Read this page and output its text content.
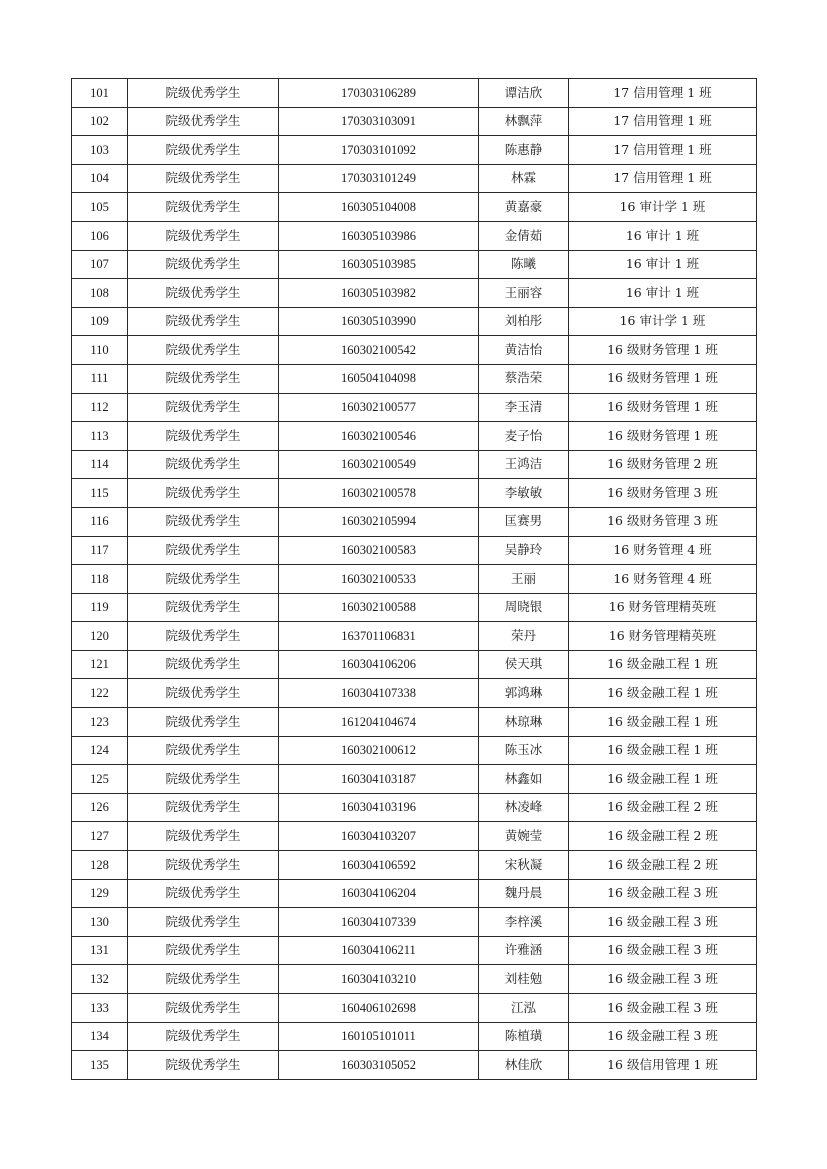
101	院级优秀学生	170303106289	谭洁欣	17 信用管理 1 班
102	院级优秀学生	170303103091	林飘萍	17 信用管理 1 班
103	院级优秀学生	170303101092	陈惠静	17 信用管理 1 班
104	院级优秀学生	170303101249	林霖	17 信用管理 1 班
105	院级优秀学生	160305104008	黄嘉豪	16 审计学 1 班
106	院级优秀学生	160305103986	金倩茹	16 审计 1 班
107	院级优秀学生	160305103985	陈曦	16 审计 1 班
108	院级优秀学生	160305103982	王丽容	16 审计 1 班
109	院级优秀学生	160305103990	刘柏彤	16 审计学 1 班
110	院级优秀学生	160302100542	黄洁怡	16 级财务管理 1 班
111	院级优秀学生	160504104098	蔡浩荣	16 级财务管理 1 班
112	院级优秀学生	160302100577	李玉清	16 级财务管理 1 班
113	院级优秀学生	160302100546	麦子怡	16 级财务管理 1 班
114	院级优秀学生	160302100549	王鸿洁	16 级财务管理 2 班
115	院级优秀学生	160302100578	李敏敏	16 级财务管理 3 班
116	院级优秀学生	160302105994	匡赛男	16 级财务管理 3 班
117	院级优秀学生	160302100583	吴静玲	16 财务管理 4 班
118	院级优秀学生	160302100533	王丽	16 财务管理 4 班
119	院级优秀学生	160302100588	周晓银	16 财务管理精英班
120	院级优秀学生	163701106831	荣丹	16 财务管理精英班
121	院级优秀学生	160304106206	侯天琪	16 级金融工程 1 班
122	院级优秀学生	160304107338	郭鸿琳	16 级金融工程 1 班
123	院级优秀学生	161204104674	林琼琳	16 级金融工程 1 班
124	院级优秀学生	160302100612	陈玉冰	16 级金融工程 1 班
125	院级优秀学生	160304103187	林鑫如	16 级金融工程 1 班
126	院级优秀学生	160304103196	林凌峰	16 级金融工程 2 班
127	院级优秀学生	160304103207	黄婉莹	16 级金融工程 2 班
128	院级优秀学生	160304106592	宋秋凝	16 级金融工程 2 班
129	院级优秀学生	160304106204	魏丹晨	16 级金融工程 3 班
130	院级优秀学生	160304107339	李梓溪	16 级金融工程 3 班
131	院级优秀学生	160304106211	许雅涵	16 级金融工程 3 班
132	院级优秀学生	160304103210	刘桂勉	16 级金融工程 3 班
133	院级优秀学生	160406102698	江泓	16 级金融工程 3 班
134	院级优秀学生	160105101011	陈植璜	16 级金融工程 3 班
135	院级优秀学生	160303105052	林佳欣	16 级信用管理 1 班
